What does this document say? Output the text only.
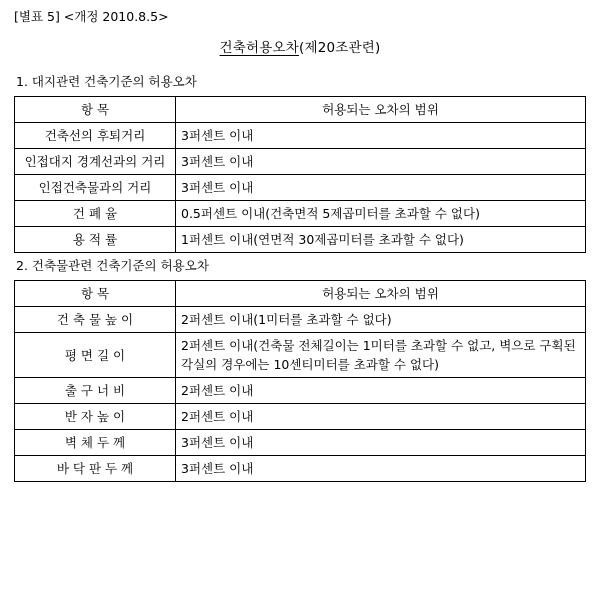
[별표 5] <개정 2010.8.5>
건축허용오차(제20조관련)
1. 대지관련 건축기준의 허용오차
항 목	허용되는 오차의 범위
건축선의 후퇴거리	3퍼센트 이내
인접대지 경계선과의 거리	3퍼센트 이내
인접건축물과의 거리	3퍼센트 이내
건 폐 율	0.5퍼센트 이내(건축면적 5제곱미터를 초과할 수 없다)
용 적 률	1퍼센트 이내(연면적 30제곱미터를 초과할 수 없다)
2. 건축물관련 건축기준의 허용오차
항 목	허용되는 오차의 범위
건 축 물 높 이	2퍼센트 이내(1미터를 초과할 수 없다)
평 면 길 이	2퍼센트 이내(건축물 전체길이는 1미터를 초과할 수 없고, 벽으로 구획된 각실의 경우에는 10센티미터를 초과할 수 없다)
출 구 너 비	2퍼센트 이내
반 자 높 이	2퍼센트 이내
벽 체 두 께	3퍼센트 이내
바 닥 판 두 께	3퍼센트 이내
